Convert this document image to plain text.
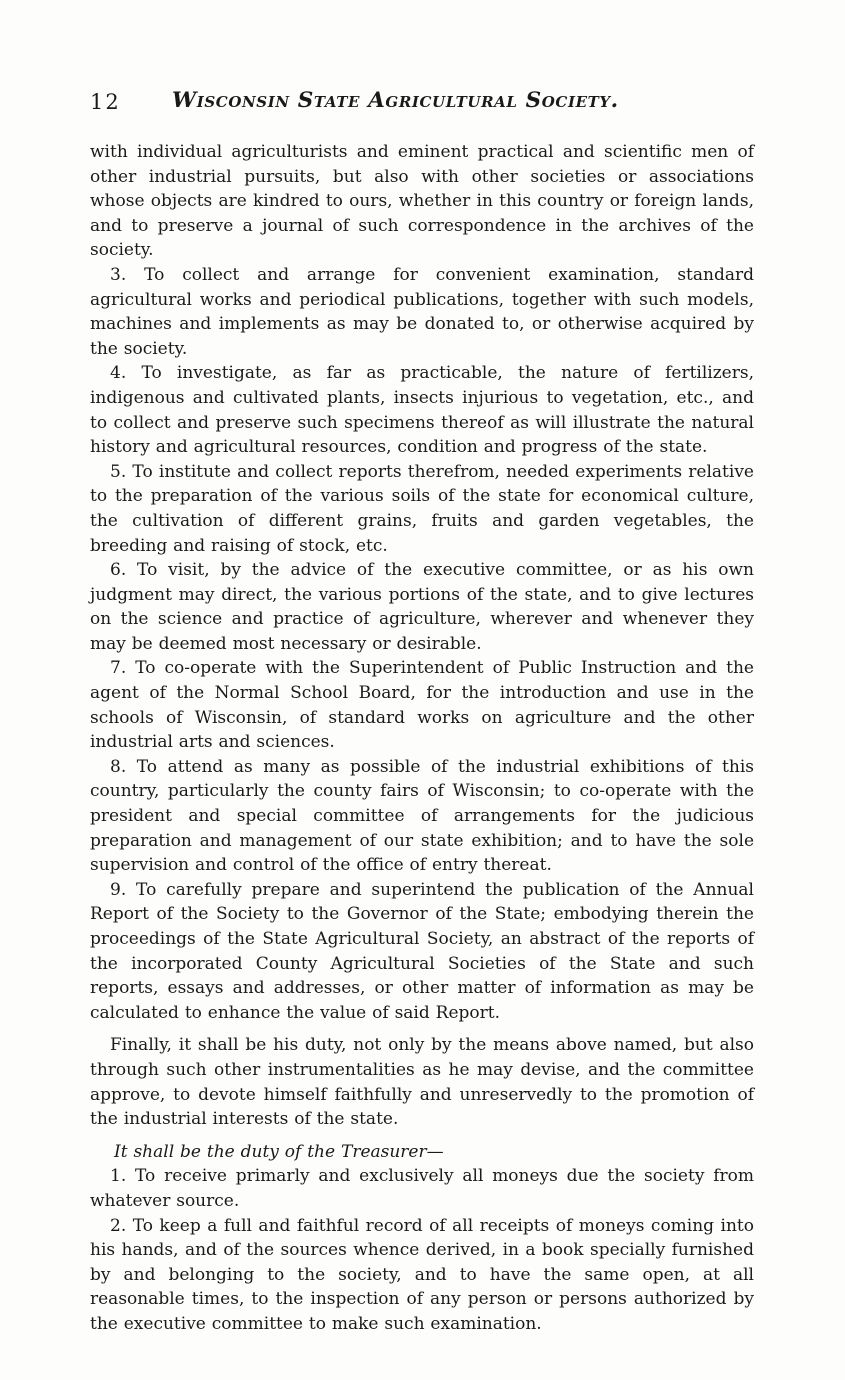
12 Wisconsin State Agricultural Society.

with individual agriculturists and eminent practical and scientific men of other industrial pursuits, but also with other societies or associations whose objects are kindred to ours, whether in this country or foreign lands, and to preserve a journal of such correspondence in the archives of the society.

3. To collect and arrange for convenient examination, standard agricultural works and periodical publications, together with such models, machines and implements as may be donated to, or otherwise acquired by the society.

4. To investigate, as far as practicable, the nature of fertilizers, indigenous and cultivated plants, insects injurious to vegetation, etc., and to collect and preserve such specimens thereof as will illustrate the natural history and agricultural resources, condition and progress of the state.

5. To institute and collect reports therefrom, needed experiments relative to the preparation of the various soils of the state for economical culture, the cultivation of different grains, fruits and garden vegetables, the breeding and raising of stock, etc.

6. To visit, by the advice of the executive committee, or as his own judgment may direct, the various portions of the state, and to give lectures on the science and practice of agriculture, wherever and whenever they may be deemed most necessary or desirable.

7. To co-operate with the Superintendent of Public Instruction and the agent of the Normal School Board, for the introduction and use in the schools of Wisconsin, of standard works on agriculture and the other industrial arts and sciences.

8. To attend as many as possible of the industrial exhibitions of this country, particularly the county fairs of Wisconsin; to co-operate with the president and special committee of arrangements for the judicious preparation and management of our state exhibition; and to have the sole supervision and control of the office of entry thereat.

9. To carefully prepare and superintend the publication of the Annual Report of the Society to the Governor of the State; embodying therein the proceedings of the State Agricultural Society, an abstract of the reports of the incorporated County Agricultural Societies of the State and such reports, essays and addresses, or other matter of information as may be calculated to enhance the value of said Report.

Finally, it shall be his duty, not only by the means above named, but also through such other instrumentalities as he may devise, and the committee approve, to devote himself faithfully and unreservedly to the promotion of the industrial interests of the state.

It shall be the duty of the Treasurer—

1. To receive primarly and exclusively all moneys due the society from whatever source.

2. To keep a full and faithful record of all receipts of moneys coming into his hands, and of the sources whence derived, in a book specially furnished by and belonging to the society, and to have the same open, at all reasonable times, to the inspection of any person or persons authorized by the executive committee to make such examination.
